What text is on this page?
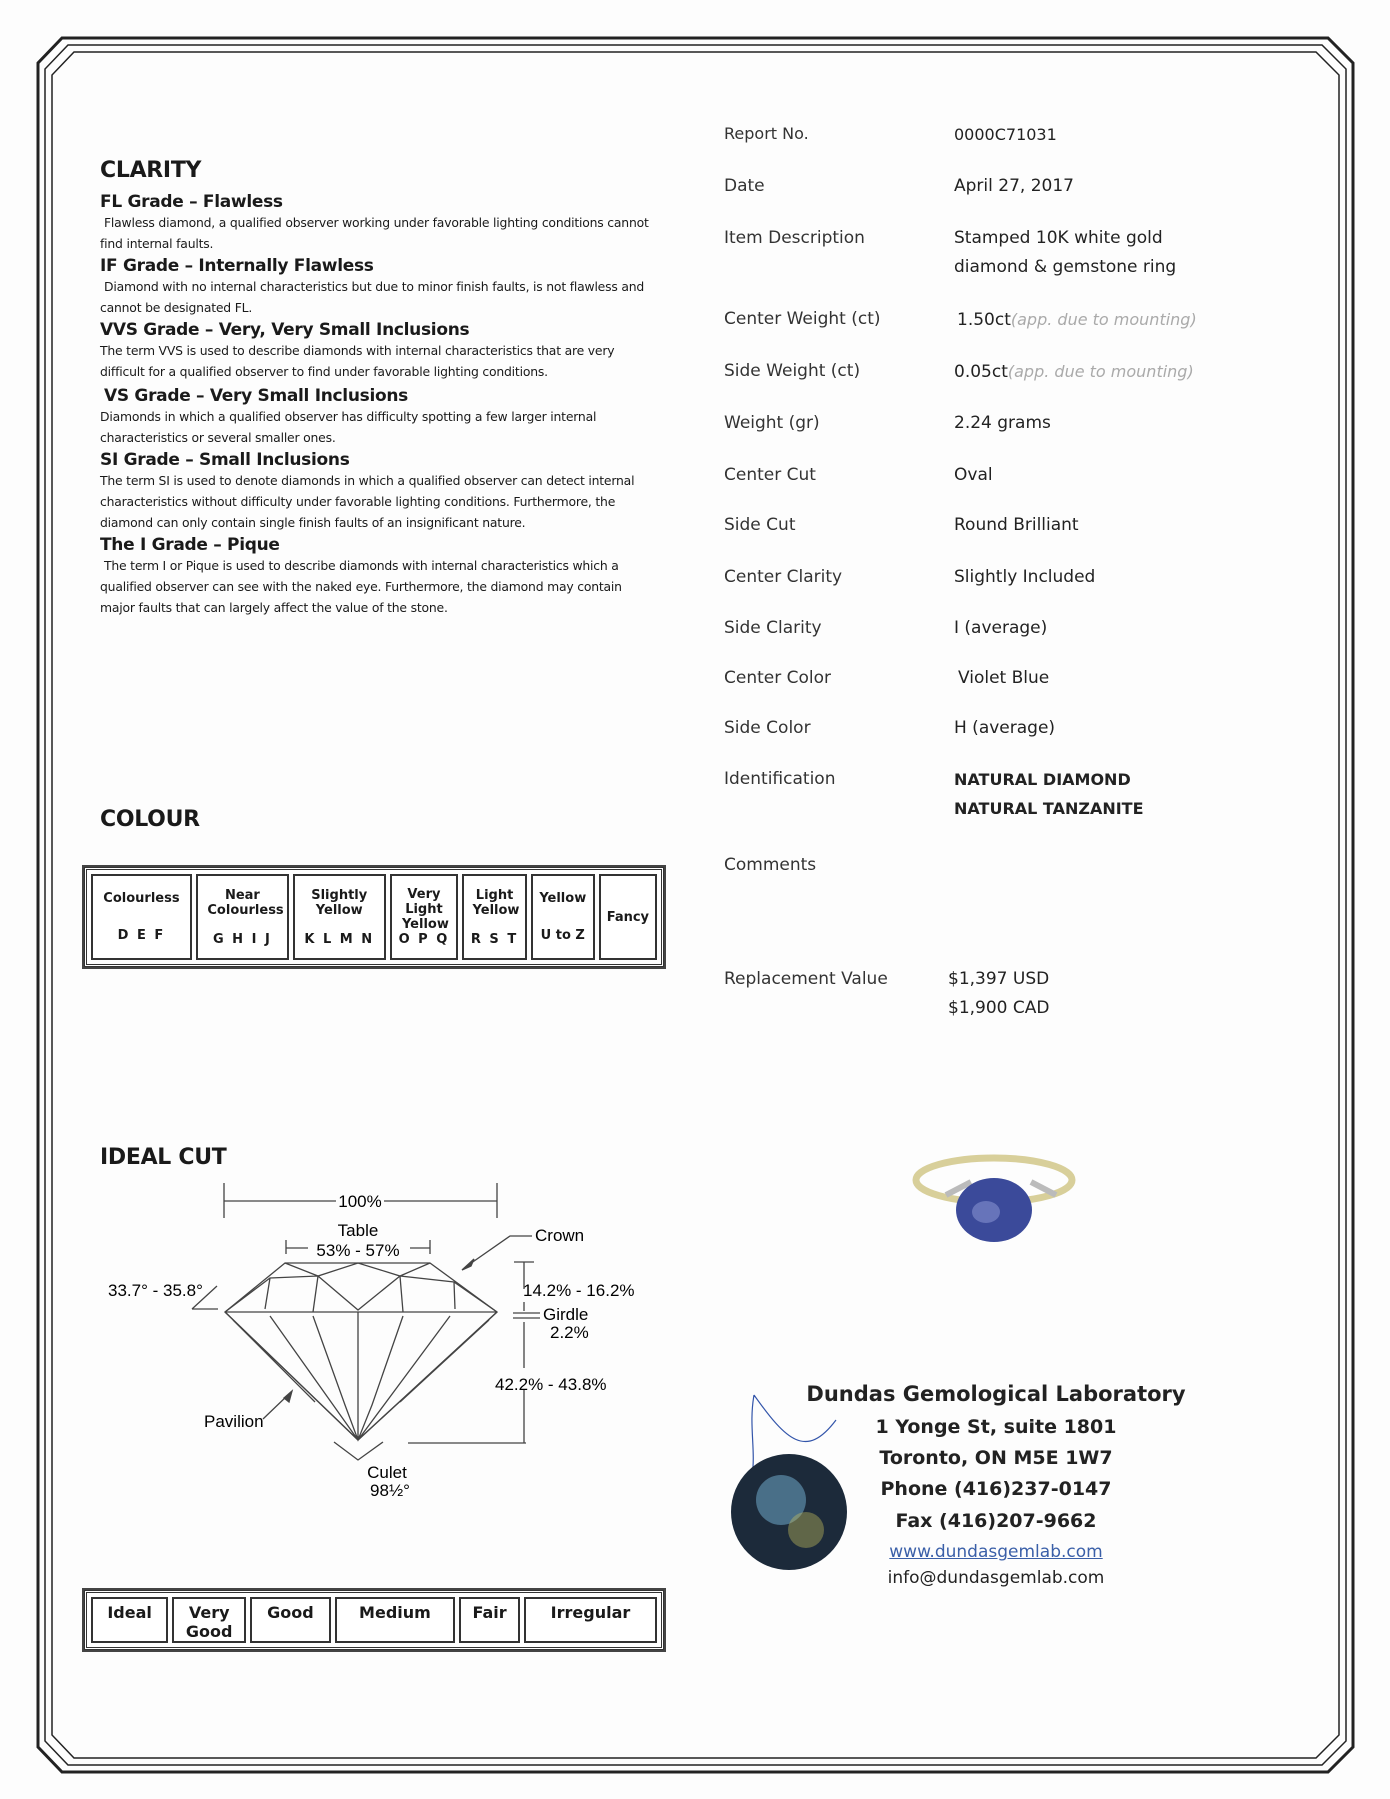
CLARITY
FL Grade – Flawless
Flawless diamond, a qualified observer working under favorable lighting conditions cannot find internal faults.
IF Grade – Internally Flawless
Diamond with no internal characteristics but due to minor finish faults, is not flawless and cannot be designated FL.
VVS Grade – Very, Very Small Inclusions
The term VVS is used to describe diamonds with internal characteristics that are very difficult for a qualified observer to find under favorable lighting conditions.
VS Grade – Very Small Inclusions
Diamonds in which a qualified observer has difficulty spotting a few larger internal characteristics or several smaller ones.
SI Grade – Small Inclusions
The term SI is used to denote diamonds in which a qualified observer can detect internal characteristics without difficulty under favorable lighting conditions. Furthermore, the diamond can only contain single finish faults of an insignificant nature.
The I Grade – Pique
The term I or Pique is used to describe diamonds with internal characteristics which a qualified observer can see with the naked eye. Furthermore, the diamond may contain major faults that can largely affect the value of the stone.
COLOUR
Colourless
D E F

Near Colourless
G H I J

Slightly Yellow
K L M N

Very Light Yellow
O P Q

Light Yellow
R S T

Yellow
U to Z

Fancy
IDEAL CUT
100%
Table
53% - 57%
Crown
33.7° - 35.8°	14.2% - 16.2%
Girdle
2.2%
42.2% - 43.8%
Pavilion
Culet
98½°
Ideal	Very Good	Good	Medium	Fair	Irregular
Report No.	0000C71031
Date	April 27, 2017
Item Description	Stamped 10K white gold
diamond & gemstone ring
Center Weight (ct)	1.50ct(app. due to mounting)
Side Weight (ct)	0.05ct(app. due to mounting)
Weight (gr)	2.24 grams
Center Cut	Oval
Side Cut	Round Brilliant
Center Clarity	Slightly Included
Side Clarity	I (average)
Center Color	Violet Blue
Side Color	H (average)
Identification	NATURAL DIAMOND
NATURAL TANZANITE
Comments
Replacement Value	$1,397 USD
$1,900 CAD
Dundas Gemological Laboratory
1 Yonge St, suite 1801
Toronto, ON M5E 1W7
Phone (416)237-0147
Fax (416)207-9662
www.dundasgemlab.com
info@dundasgemlab.com
